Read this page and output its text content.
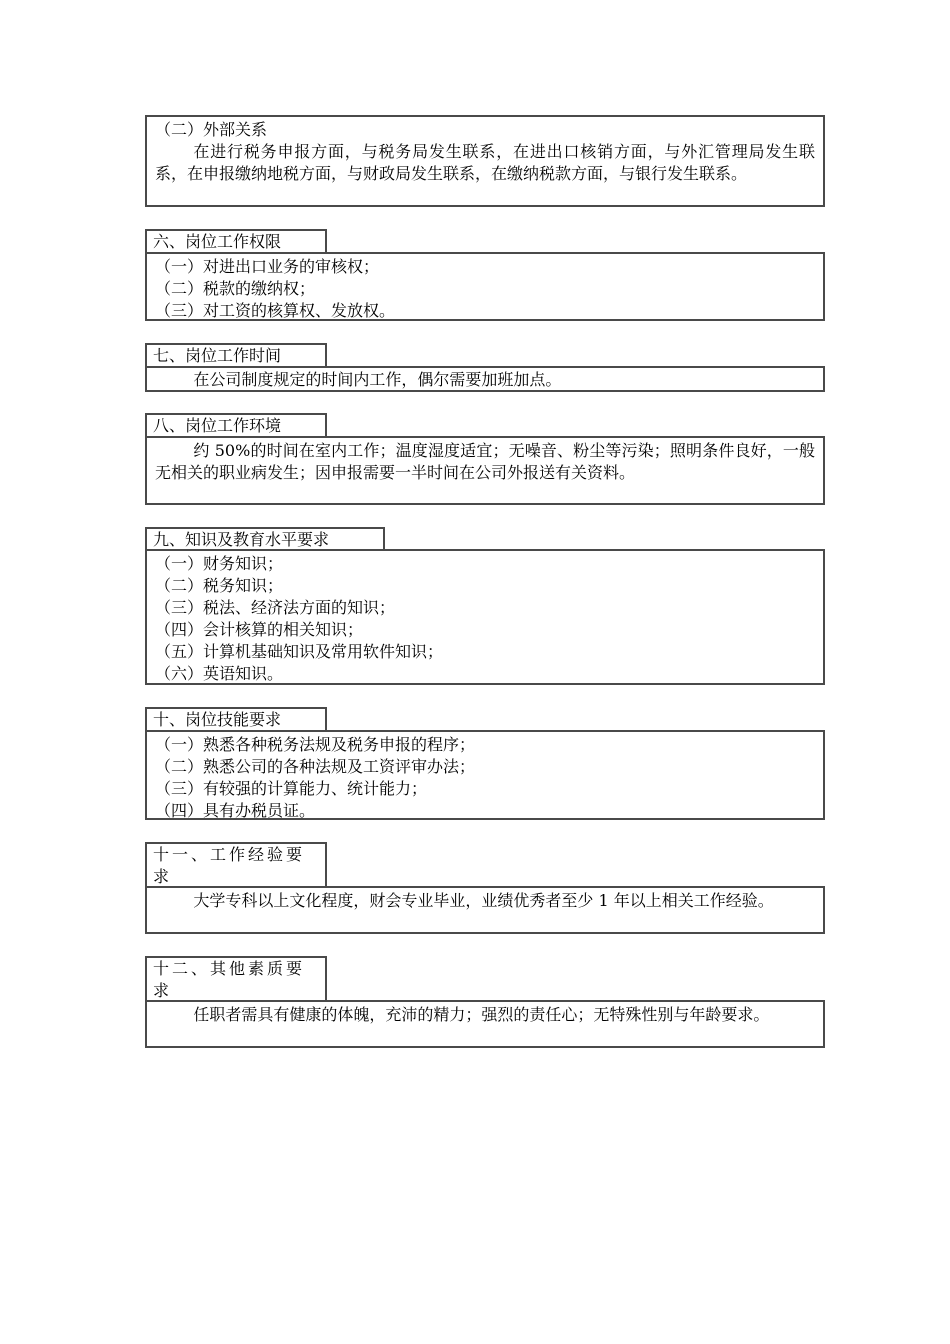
（二）外部关系
在进行税务申报方面，与税务局发生联系，在进出口核销方面，与外汇管理局发生联系，在申报缴纳地税方面，与财政局发生联系，在缴纳税款方面，与银行发生联系。
六、岗位工作权限
（一）对进出口业务的审核权；
（二）税款的缴纳权；
（三）对工资的核算权、发放权。
七、岗位工作时间
在公司制度规定的时间内工作，偶尔需要加班加点。
八、岗位工作环境
约 50%的时间在室内工作；温度湿度适宜；无噪音、粉尘等污染；照明条件良好，一般无相关的职业病发生；因申报需要一半时间在公司外报送有关资料。
九、知识及教育水平要求
（一）财务知识；
（二）税务知识；
（三）税法、经济法方面的知识；
（四）会计核算的相关知识；
（五）计算机基础知识及常用软件知识；
（六）英语知识。
十、岗位技能要求
（一）熟悉各种税务法规及税务申报的程序；
（二）熟悉公司的各种法规及工资评审办法；
（三）有较强的计算能力、统计能力；
（四）具有办税员证。
十一、工作经验要
求
大学专科以上文化程度，财会专业毕业，业绩优秀者至少 1 年以上相关工作经验。
十二、其他素质要
求
任职者需具有健康的体魄，充沛的精力；强烈的责任心；无特殊性别与年龄要求。
